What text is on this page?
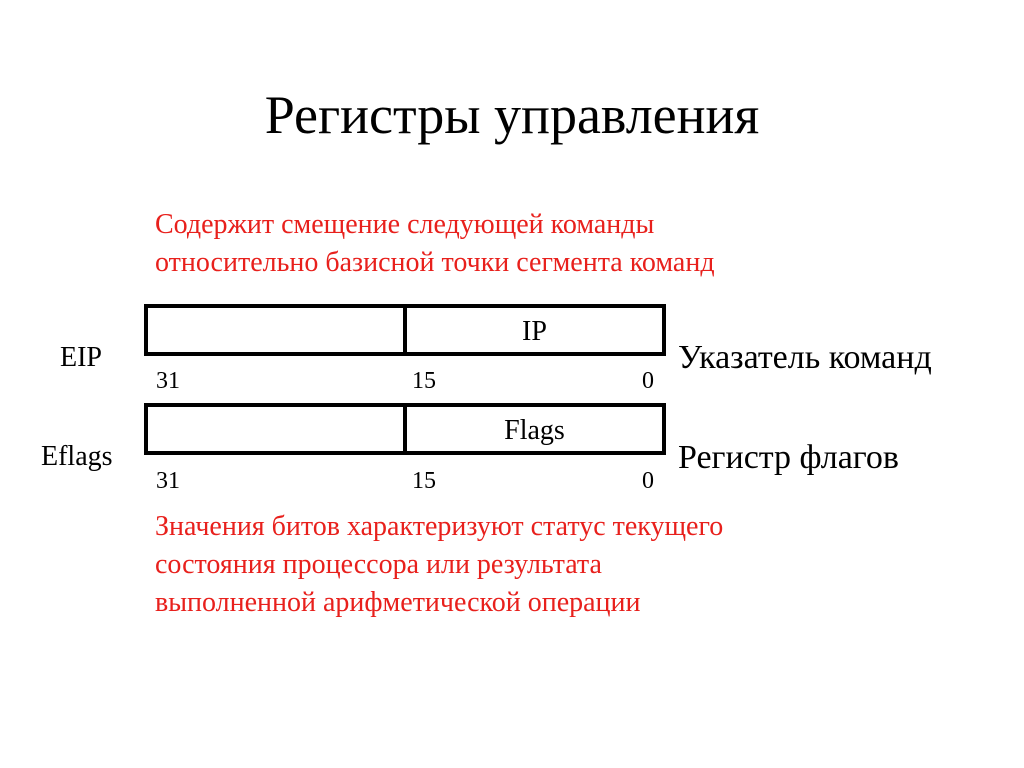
Регистры управления
Содержит смещение следующей команды
относительно базисной точки сегмента команд
EIP
IP
31	15	0
Указатель команд
Eflags
Flags
31	15	0
Регистр флагов
Значения битов характеризуют статус текущего
состояния процессора или результата
выполненной арифметической операции
